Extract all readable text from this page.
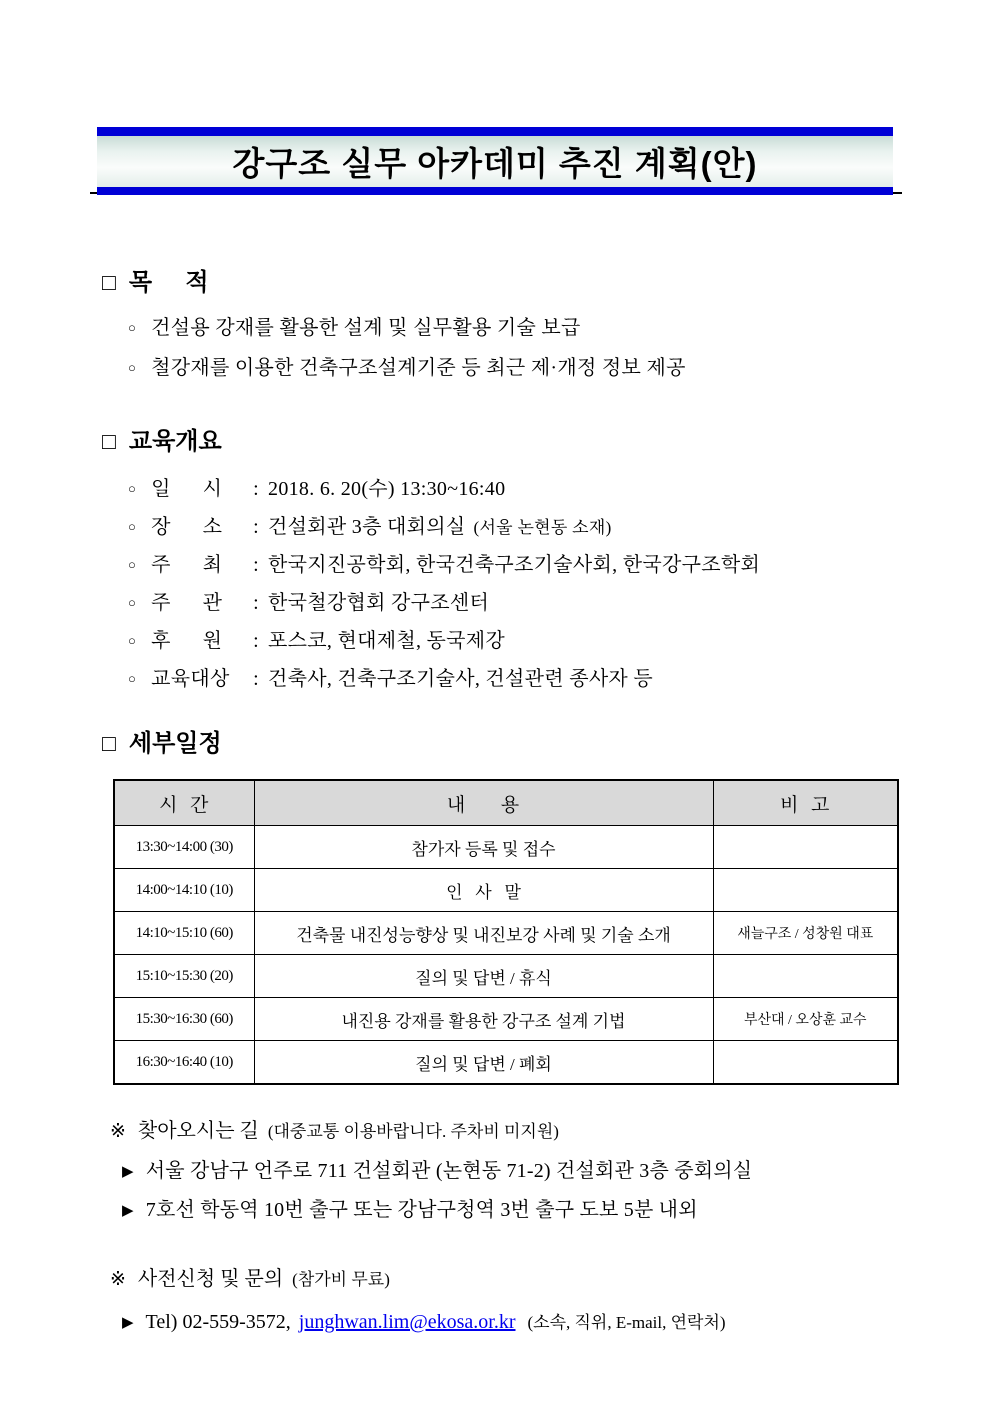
강구조 실무 아카데미 추진 계획(안)
□ 목     적
○ 건설용 강재를 활용한 설계 및 실무활용 기술 보급
○ 철강재를 이용한 건축구조설계기준 등 최근 제·개정 정보 제공
□ 교육개요
○ 일      시	: 2018. 6. 20(수) 13:30~16:40
○ 장      소	: 건설회관 3층 대회의실 (서울 논현동 소재)
○ 주      최	: 한국지진공학회, 한국건축구조기술사회, 한국강구조학회
○ 주      관	: 한국철강협회 강구조센터
○ 후      원	: 포스코, 현대제철, 동국제강
○ 교육대상	: 건축사, 건축구조기술사, 건설관련 종사자 등
□ 세부일정
시  간	내      용	비  고
13:30~14:00 (30)	참가자 등록 및 접수	
14:00~14:10 (10)	인   사   말	
14:10~15:10 (60)	건축물 내진성능향상 및 내진보강 사례 및 기술 소개	새늘구조 / 성창원 대표
15:10~15:30 (20)	질의 및 답변 / 휴식	
15:30~16:30 (60)	내진용 강재를 활용한 강구조 설계 기법	부산대 / 오상훈 교수
16:30~16:40 (10)	질의 및 답변 / 폐회	
※ 찾아오시는 길 (대중교통 이용바랍니다. 주차비 미지원)
▶ 서울 강남구 언주로 711 건설회관 (논현동 71-2) 건설회관 3층 중회의실
▶ 7호선 학동역 10번 출구 또는 강남구청역 3번 출구 도보 5분 내외
※ 사전신청 및 문의 (참가비 무료)
▶ Tel) 02-559-3572, junghwan.lim@ekosa.or.kr (소속, 직위, E-mail, 연락처)
